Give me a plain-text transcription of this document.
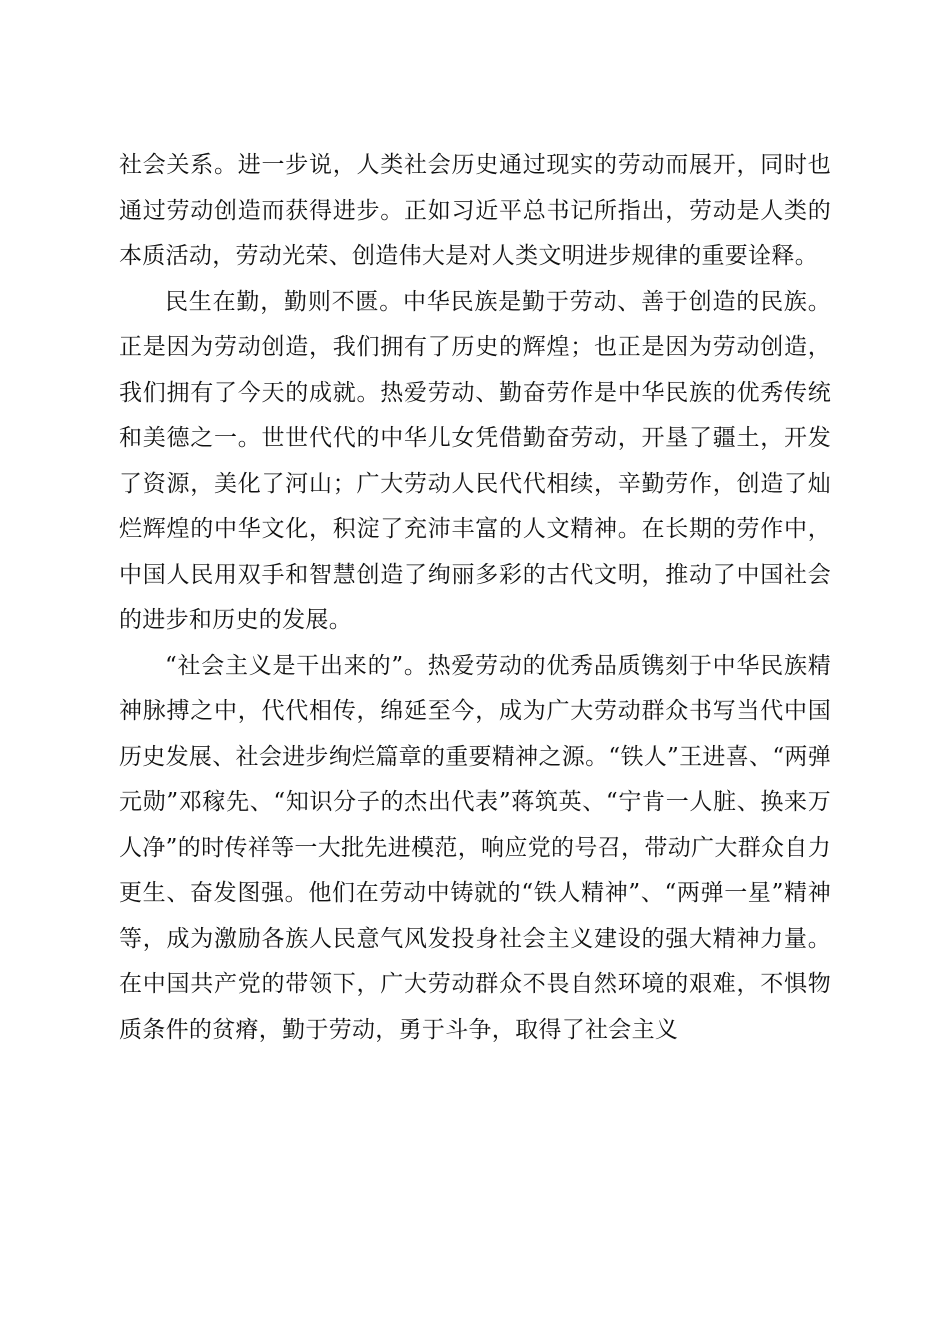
社会关系。进一步说，人类社会历史通过现实的劳动而展开，同时也通过劳动创造而获得进步。正如习近平总书记所指出，劳动是人类的本质活动，劳动光荣、创造伟大是对人类文明进步规律的重要诠释。

民生在勤，勤则不匮。中华民族是勤于劳动、善于创造的民族。正是因为劳动创造，我们拥有了历史的辉煌；也正是因为劳动创造，我们拥有了今天的成就。热爱劳动、勤奋劳作是中华民族的优秀传统和美德之一。世世代代的中华儿女凭借勤奋劳动，开垦了疆土，开发了资源，美化了河山；广大劳动人民代代相续，辛勤劳作，创造了灿烂辉煌的中华文化，积淀了充沛丰富的人文精神。在长期的劳作中，中国人民用双手和智慧创造了绚丽多彩的古代文明，推动了中国社会的进步和历史的发展。

“社会主义是干出来的”。热爱劳动的优秀品质镌刻于中华民族精神脉搏之中，代代相传，绵延至今，成为广大劳动群众书写当代中国历史发展、社会进步绚烂篇章的重要精神之源。“铁人”王进喜、“两弹元勋”邓稼先、“知识分子的杰出代表”蒋筑英、“宁肯一人脏、换来万人净”的时传祥等一大批先进模范，响应党的号召，带动广大群众自力更生、奋发图强。他们在劳动中铸就的“铁人精神”、“两弹一星”精神等，成为激励各族人民意气风发投身社会主义建设的强大精神力量。在中国共产党的带领下，广大劳动群众不畏自然环境的艰难，不惧物质条件的贫瘠，勤于劳动，勇于斗争，取得了社会主义
